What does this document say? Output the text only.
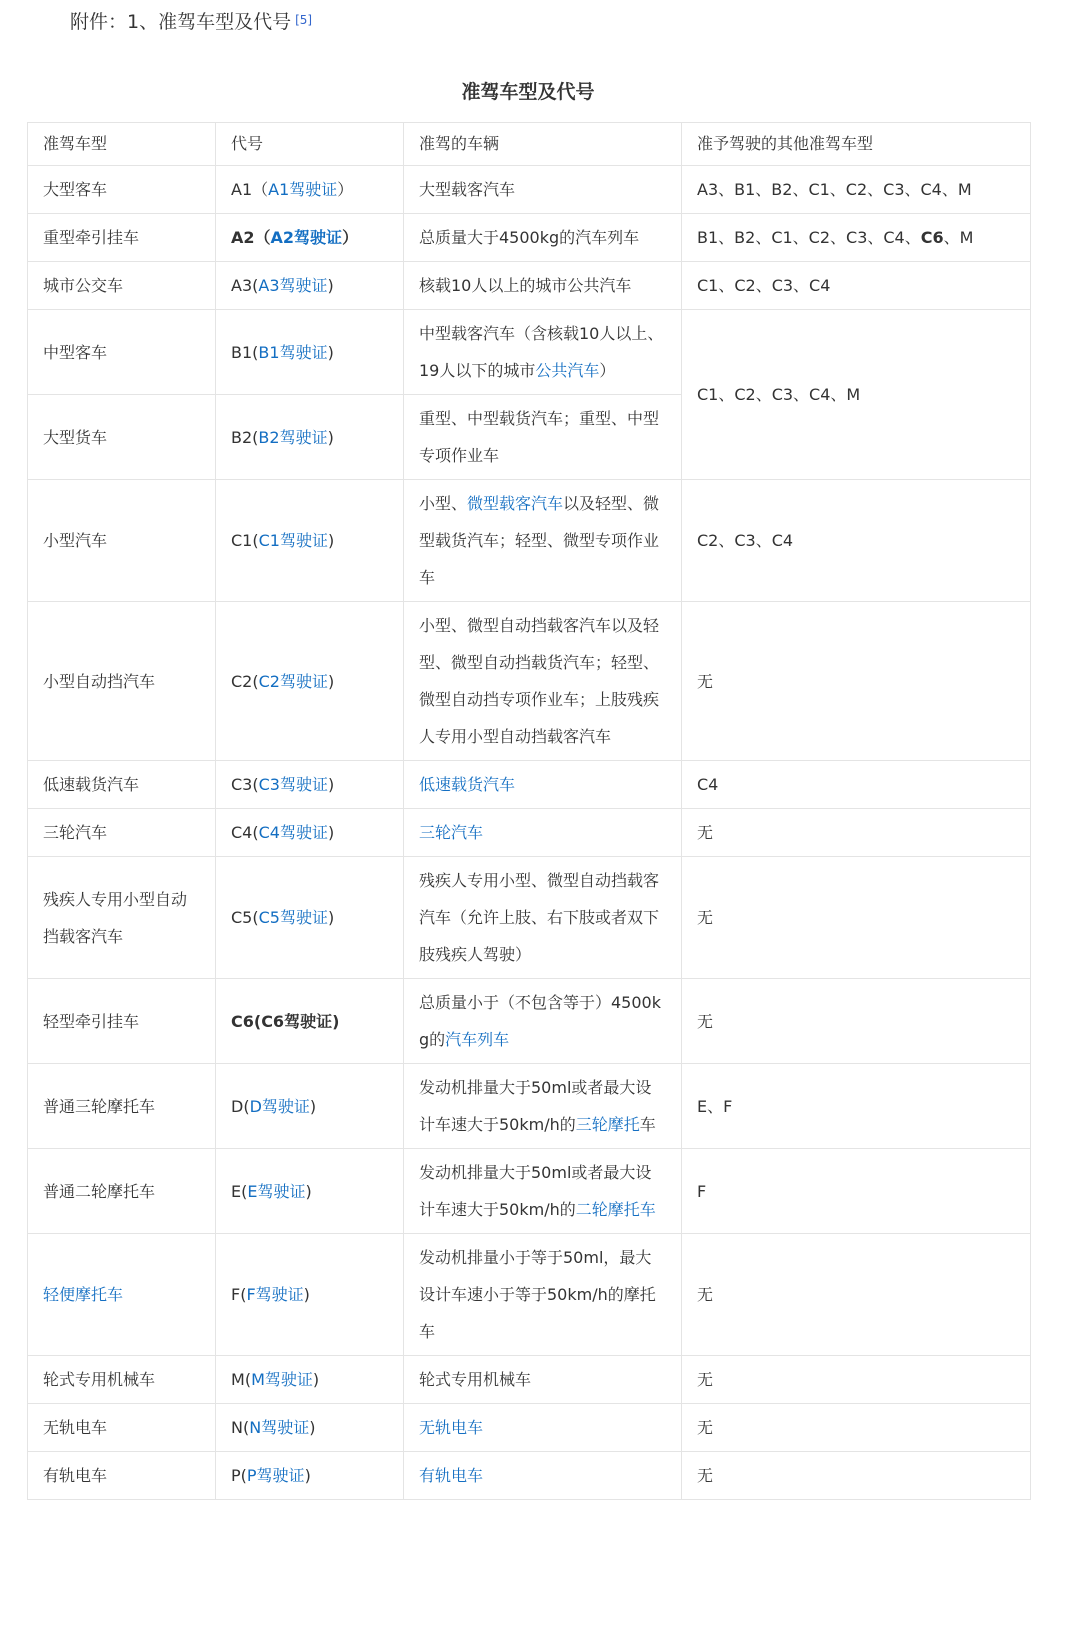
附件：1、准驾车型及代号 [5]
准驾车型及代号
准驾车型	代号	准驾的车辆	准予驾驶的其他准驾车型
大型客车	A1（A1驾驶证）	大型载客汽车	A3、B1、B2、C1、C2、C3、C4、M
重型牵引挂车	A2（A2驾驶证）	总质量大于4500kg的汽车列车	B1、B2、C1、C2、C3、C4、C6、M
城市公交车	A3(A3驾驶证)	核载10人以上的城市公共汽车	C1、C2、C3、C4
中型客车	B1(B1驾驶证)	中型载客汽车（含核载10人以上、19人以下的城市公共汽车）	C1、C2、C3、C4、M
大型货车	B2(B2驾驶证)	重型、中型载货汽车；重型、中型专项作业车	
小型汽车	C1(C1驾驶证)	小型、微型载客汽车以及轻型、微型载货汽车；轻型、微型专项作业车	C2、C3、C4
小型自动挡汽车	C2(C2驾驶证)	小型、微型自动挡载客汽车以及轻型、微型自动挡载货汽车；轻型、微型自动挡专项作业车；上肢残疾人专用小型自动挡载客汽车	无
低速载货汽车	C3(C3驾驶证)	低速载货汽车	C4
三轮汽车	C4(C4驾驶证)	三轮汽车	无
残疾人专用小型自动挡载客汽车	C5(C5驾驶证)	残疾人专用小型、微型自动挡载客汽车（允许上肢、右下肢或者双下肢残疾人驾驶）	无
轻型牵引挂车	C6(C6驾驶证)	总质量小于（不包含等于）4500kg的汽车列车	无
普通三轮摩托车	D(D驾驶证)	发动机排量大于50ml或者最大设计车速大于50km/h的三轮摩托车	E、F
普通二轮摩托车	E(E驾驶证)	发动机排量大于50ml或者最大设计车速大于50km/h的二轮摩托车	F
轻便摩托车	F(F驾驶证)	发动机排量小于等于50ml，最大设计车速小于等于50km/h的摩托车	无
轮式专用机械车	M(M驾驶证)	轮式专用机械车	无
无轨电车	N(N驾驶证)	无轨电车	无
有轨电车	P(P驾驶证)	有轨电车	无
